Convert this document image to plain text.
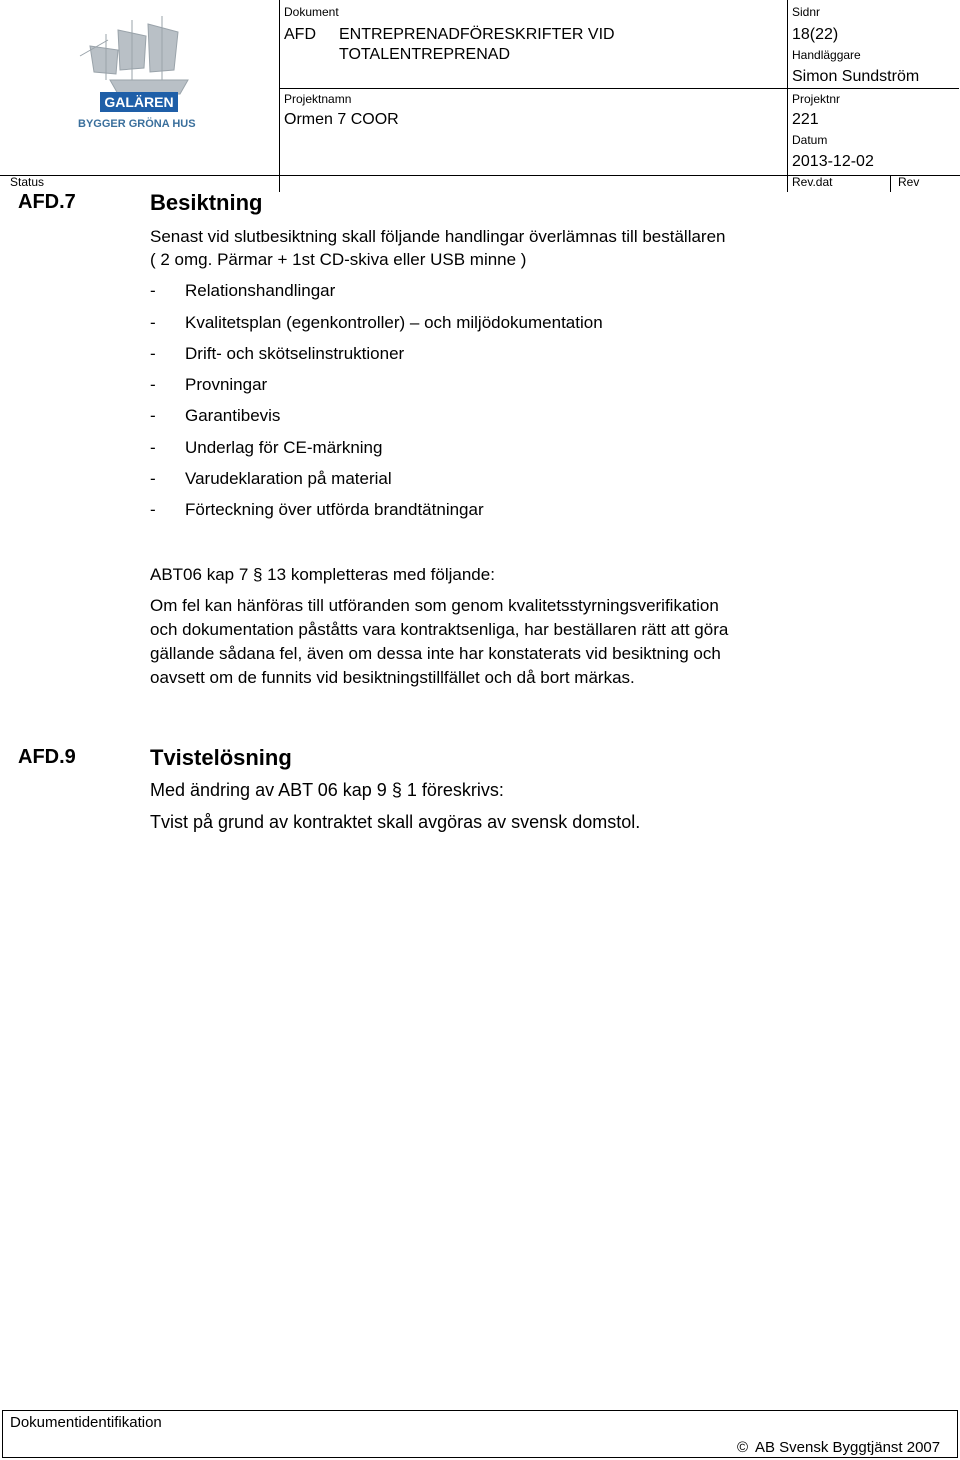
GALÄREN
BYGGER GRÖNA HUS
Dokument
AFD ENTREPRENADFÖRESKRIFTER VID
TOTALENTREPRENAD
Projektnamn
Ormen 7 COOR
Sidnr
18(22)
Handläggare
Simon Sundström
Projektnr
221
Datum
2013-12-02
Status	Rev.dat	Rev
AFD.7	Besiktning
Senast vid slutbesiktning skall följande handlingar överlämnas till beställaren
( 2 omg. Pärmar + 1st CD-skiva eller USB minne )
- Relationshandlingar
- Kvalitetsplan (egenkontroller) – och miljödokumentation
- Drift- och skötselinstruktioner
- Provningar
- Garantibevis
- Underlag för CE-märkning
- Varudeklaration på material
- Förteckning över utförda brandtätningar
ABT06 kap 7 § 13 kompletteras med följande:
Om fel kan hänföras till utföranden som genom kvalitetsstyrningsverifikation
och dokumentation påståtts vara kontraktsenliga, har beställaren rätt att göra
gällande sådana fel, även om dessa inte har konstaterats vid besiktning och
oavsett om de funnits vid besiktningstillfället och då bort märkas.
AFD.9	Tvistelösning
Med ändring av ABT 06 kap 9 § 1 föreskrivs:
Tvist på grund av kontraktet skall avgöras av svensk domstol.
Dokumentidentifikation
© AB Svensk Byggtjänst 2007
